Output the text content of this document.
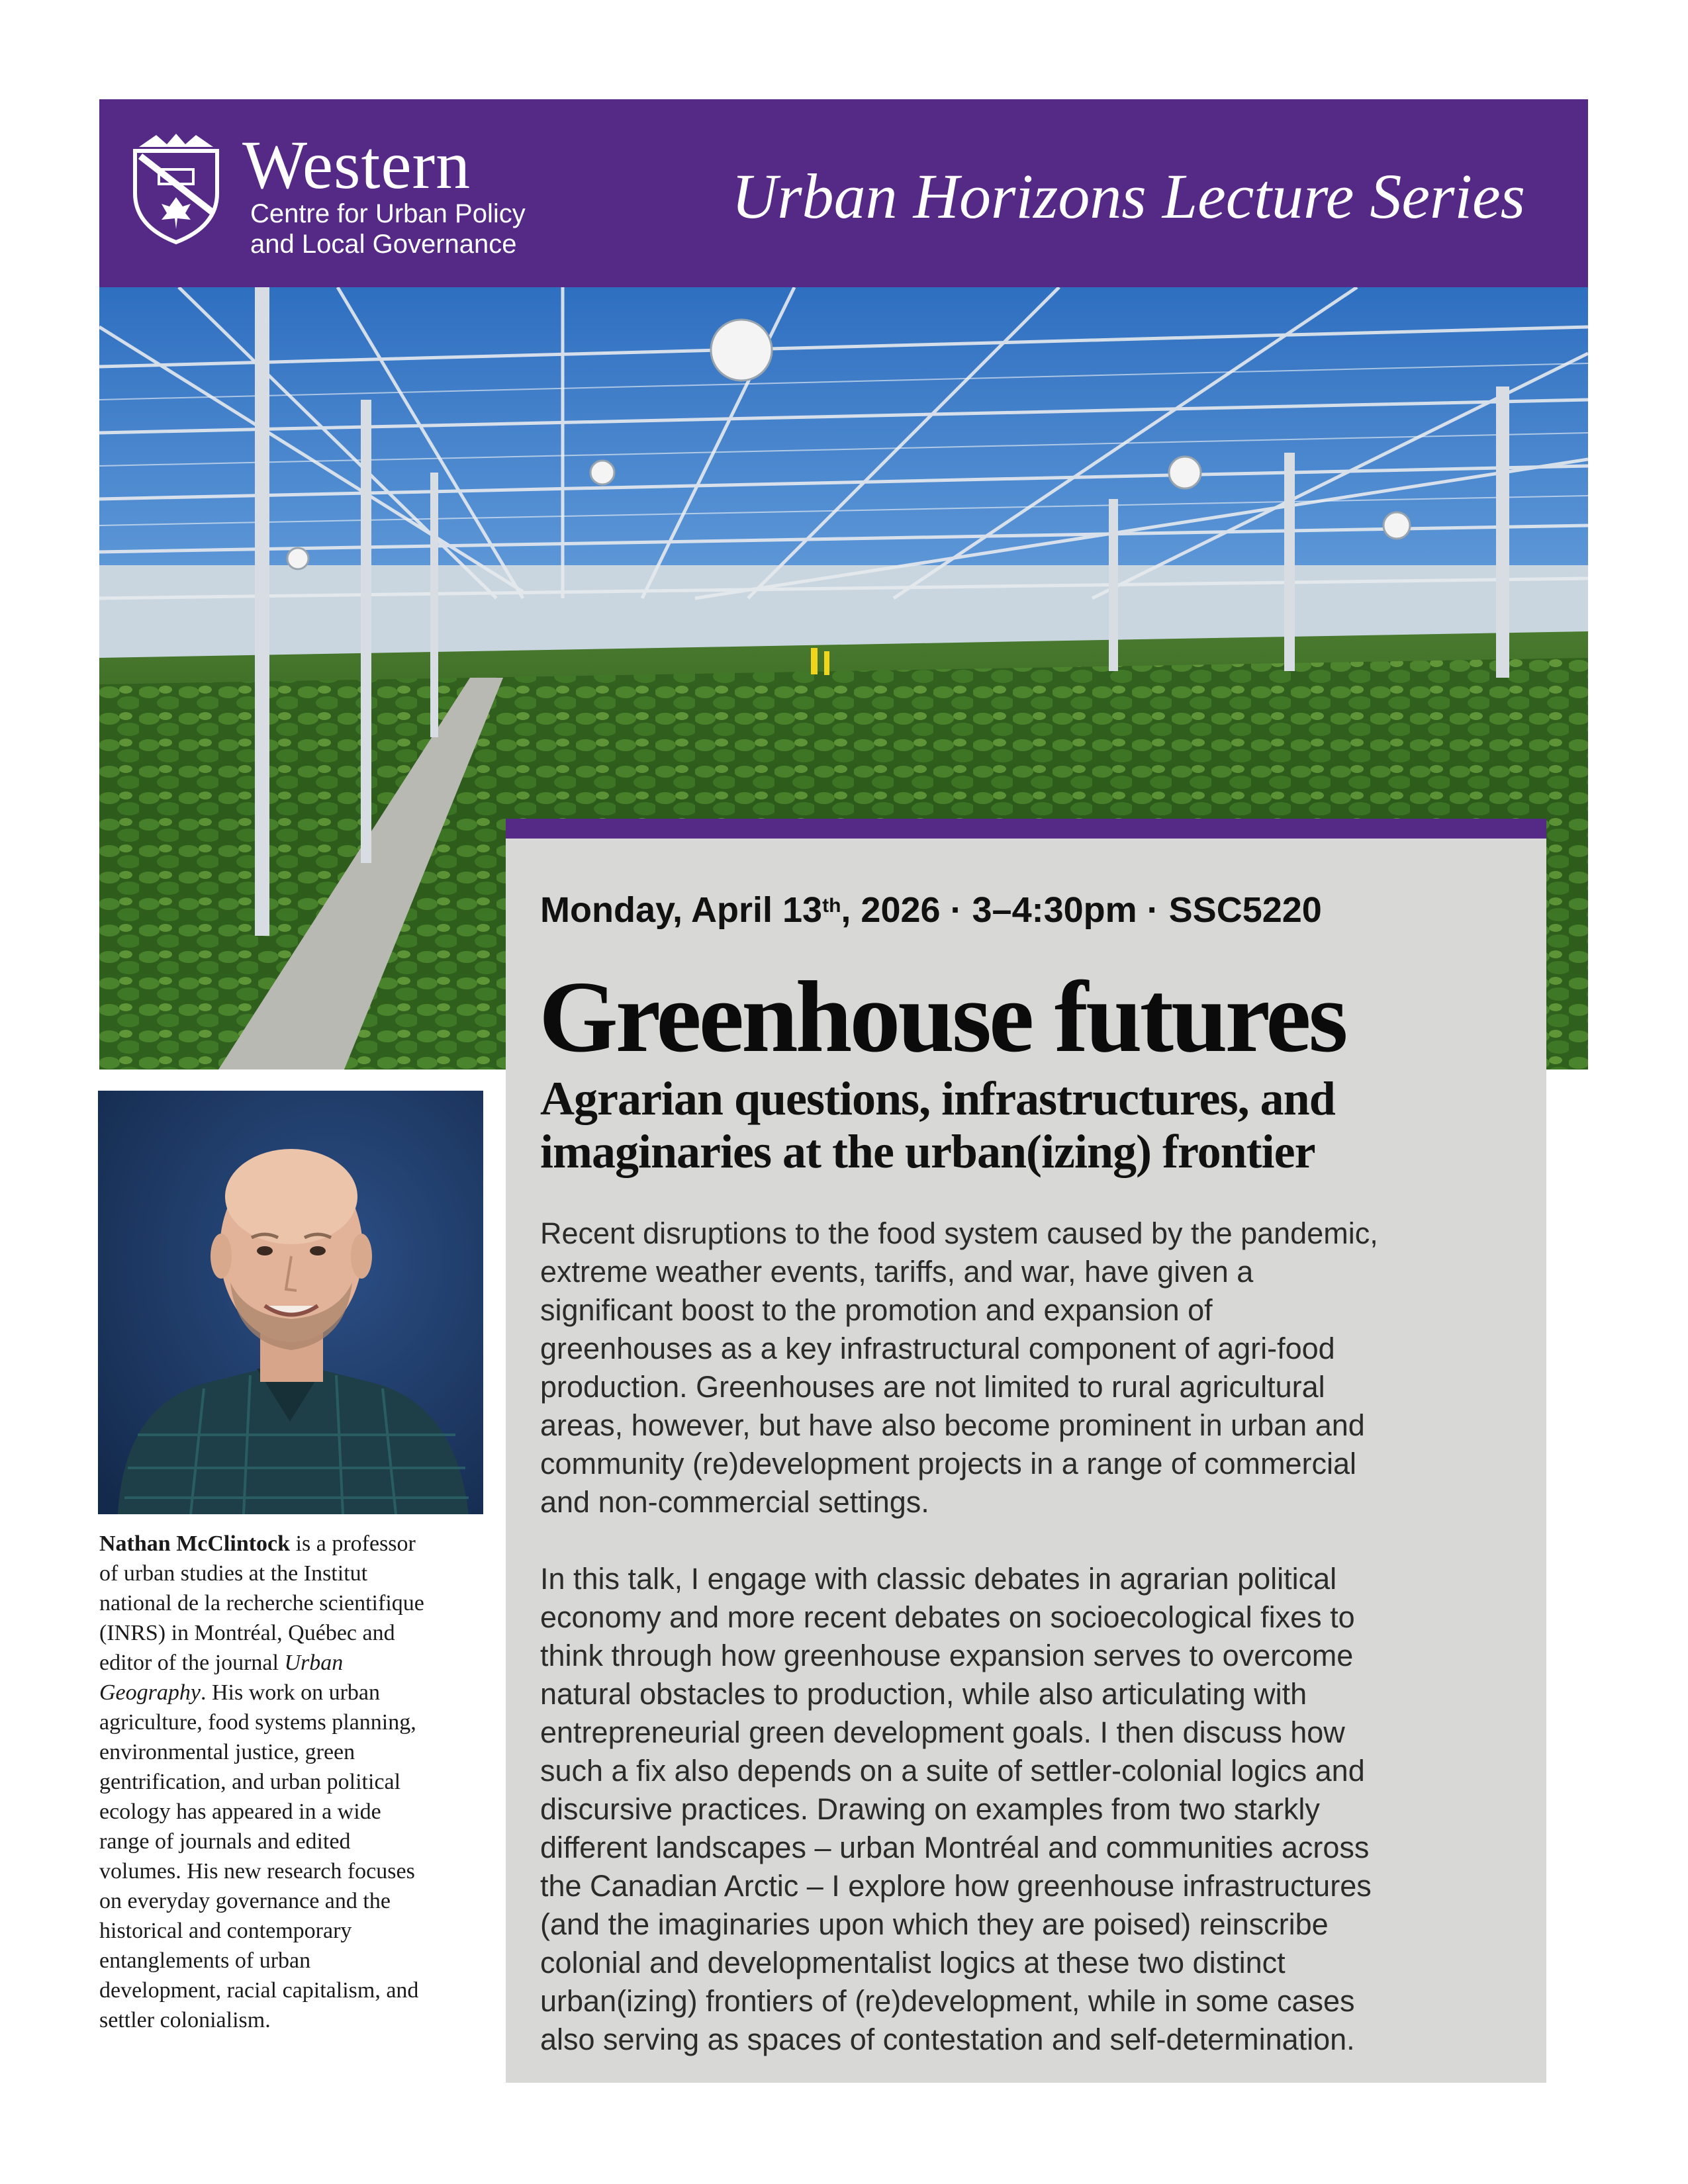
Western
Centre for Urban Policy
and Local Governance
Urban Horizons Lecture Series
Monday, April 13th, 2026 · 3–4:30pm · SSC5220
Greenhouse futures
Agrarian questions, infrastructures, and
imaginaries at the urban(izing) frontier

Recent disruptions to the food system caused by the pandemic,

extreme weather events, tariffs, and war, have given a

significant boost to the promotion and expansion of

greenhouses as a key infrastructural component of agri-food

production. Greenhouses are not limited to rural agricultural

areas, however, but have also become prominent in urban and

community (re)development projects in a range of commercial

and non-commercial settings.

In this talk, I engage with classic debates in agrarian political

economy and more recent debates on socioecological fixes to

think through how greenhouse expansion serves to overcome

natural obstacles to production, while also articulating with

entrepreneurial green development goals. I then discuss how

such a fix also depends on a suite of settler-colonial logics and

discursive practices. Drawing on examples from two starkly

different landscapes – urban Montréal and communities across

the Canadian Arctic – I explore how greenhouse infrastructures

(and the imaginaries upon which they are poised) reinscribe

colonial and developmentalist logics at these two distinct

urban(izing) frontiers of (re)development, while in some cases

also serving as spaces of contestation and self-determination.

Nathan McClintock is a professor

of urban studies at the Institut

national de la recherche scientifique

(INRS) in Montréal, Québec and

editor of the journal Urban

Geography. His work on urban

agriculture, food systems planning,

environmental justice, green

gentrification, and urban political

ecology has appeared in a wide

range of journals and edited

volumes. His new research focuses

on everyday governance and the

historical and contemporary

entanglements of urban

development, racial capitalism, and

settler colonialism.
